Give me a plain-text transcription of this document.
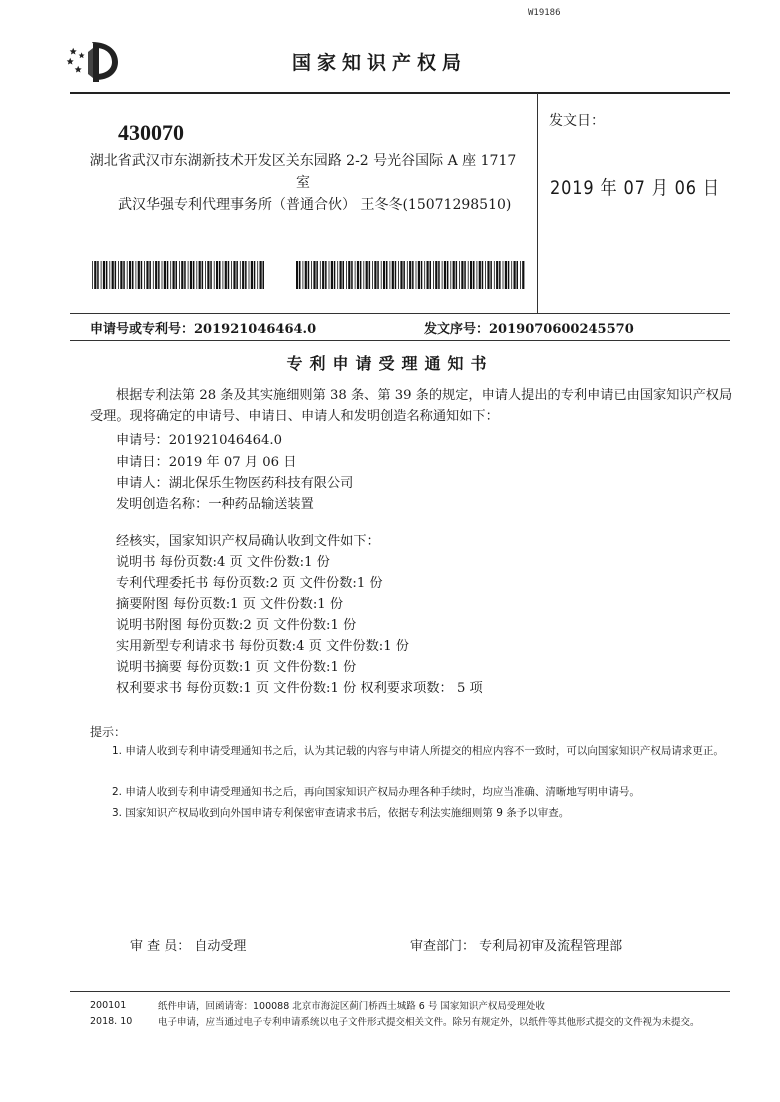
W19186
国家知识产权局
430070
湖北省武汉市东湖新技术开发区关东园路 2-2 号光谷国际 A 座 1717 室
武汉华强专利代理事务所（普通合伙） 王冬冬(15071298510)
发文日：
2019 年 07 月 06 日
申请号或专利号：201921046464.0	发文序号：2019070600245570
专利申请受理通知书
根据专利法第 28 条及其实施细则第 38 条、第 39 条的规定，申请人提出的专利申请已由国家知识产权局受理。现将确定的申请号、申请日、申请人和发明创造名称通知如下：
申请号：201921046464.0
申请日：2019 年 07 月 06 日
申请人：湖北保乐生物医药科技有限公司
发明创造名称：一种药品输送装置
经核实，国家知识产权局确认收到文件如下：
说明书 每份页数:4 页 文件份数:1 份
专利代理委托书 每份页数:2 页 文件份数:1 份
摘要附图 每份页数:1 页 文件份数:1 份
说明书附图 每份页数:2 页 文件份数:1 份
实用新型专利请求书 每份页数:4 页 文件份数:1 份
说明书摘要 每份页数:1 页 文件份数:1 份
权利要求书 每份页数:1 页 文件份数:1 份 权利要求项数： 5 项
提示：
1. 申请人收到专利申请受理通知书之后，认为其记载的内容与申请人所提交的相应内容不一致时，可以向国家知识产权局请求更正。
2. 申请人收到专利申请受理通知书之后，再向国家知识产权局办理各种手续时，均应当准确、清晰地写明申请号。
3. 国家知识产权局收到向外国申请专利保密审查请求书后，依据专利法实施细则第 9 条予以审查。
审 查 员： 自动受理	审查部门： 专利局初审及流程管理部
200101
2018. 10
纸件申请，回函请寄：100088 北京市海淀区蓟门桥西土城路 6 号 国家知识产权局受理处收
电子申请，应当通过电子专利申请系统以电子文件形式提交相关文件。除另有规定外，以纸件等其他形式提交的文件视为未提交。
